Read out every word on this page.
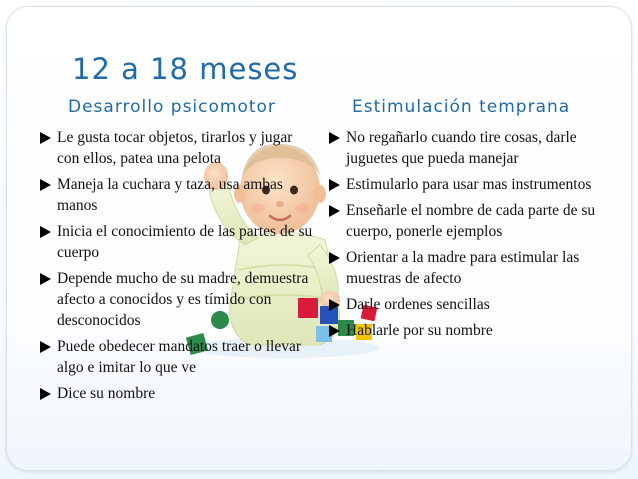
12 a 18 meses
Desarrollo psicomotor	Estimulación temprana
Le gusta tocar objetos, tirarlos y jugar con ellos, patea una pelota
Maneja la cuchara y taza, usa ambas manos
Inicia el conocimiento de las partes de su cuerpo
Depende mucho de su madre, demuestra afecto a conocidos y es tímido con desconocidos
Puede obedecer mandatos traer o llevar algo e imitar lo que ve
Dice su nombre
No regañarlo cuando tire cosas, darle juguetes que pueda manejar
Estimularlo para usar mas instrumentos
Enseñarle el nombre de cada parte de su cuerpo, ponerle ejemplos
Orientar a la madre para estimular las muestras de afecto
Darle ordenes sencillas
Hablarle por su nombre
